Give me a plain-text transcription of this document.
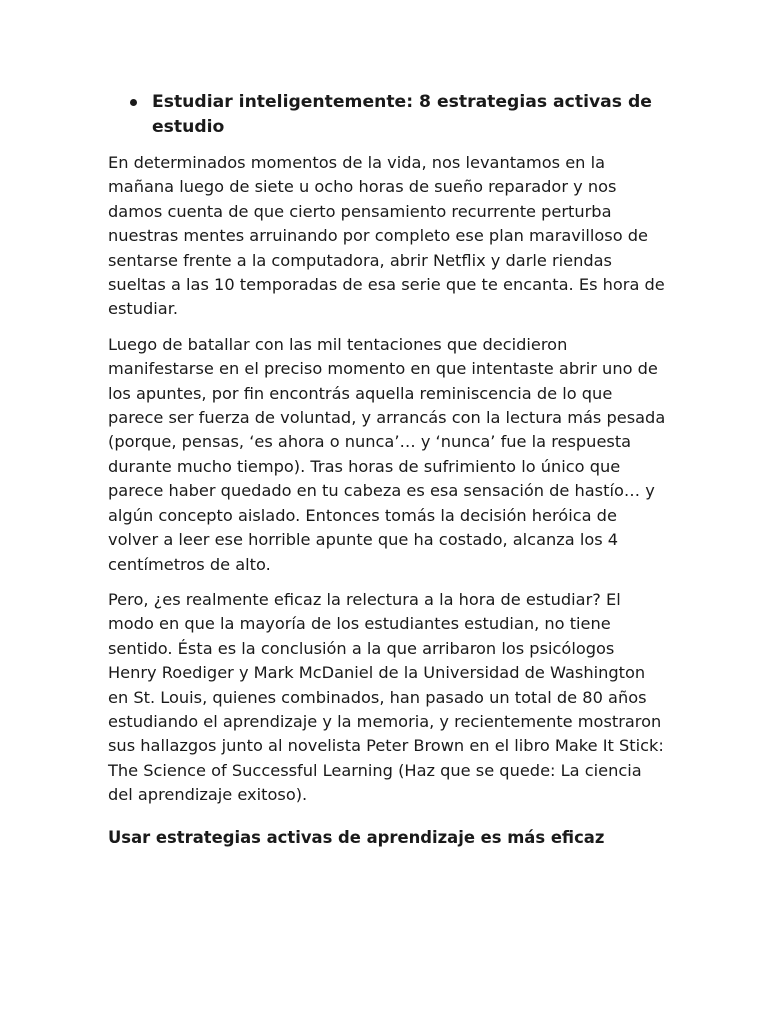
Estudiar inteligentemente: 8 estrategias activas de estudio

En determinados momentos de la vida, nos levantamos en la mañana luego de siete u ocho horas de sueño reparador y nos damos cuenta de que cierto pensamiento recurrente perturba nuestras mentes arruinando por completo ese plan maravilloso de sentarse frente a la computadora, abrir Netflix y darle riendas sueltas a las 10 temporadas de esa serie que te encanta. Es hora de estudiar.

Luego de batallar con las mil tentaciones que decidieron manifestarse en el preciso momento en que intentaste abrir uno de los apuntes, por fin encontrás aquella reminiscencia de lo que parece ser fuerza de voluntad, y arrancás con la lectura más pesada (porque, pensas, ‘es ahora o nunca’… y ‘nunca’ fue la respuesta durante mucho tiempo). Tras horas de sufrimiento lo único que parece haber quedado en tu cabeza es esa sensación de hastío… y algún concepto aislado. Entonces tomás la decisión heróica de volver a leer ese horrible apunte que ha costado, alcanza los 4 centímetros de alto.

Pero, ¿es realmente eficaz la relectura a la hora de estudiar? El modo en que la mayoría de los estudiantes estudian, no tiene sentido. Ésta es la conclusión a la que arribaron los psicólogos Henry Roediger y Mark McDaniel de la Universidad de Washington en St. Louis, quienes combinados, han pasado un total de 80 años estudiando el aprendizaje y la memoria, y recientemente mostraron sus hallazgos junto al novelista Peter Brown en el libro Make It Stick: The Science of Successful Learning (Haz que se quede: La ciencia del aprendizaje exitoso).

Usar estrategias activas de aprendizaje es más eficaz
